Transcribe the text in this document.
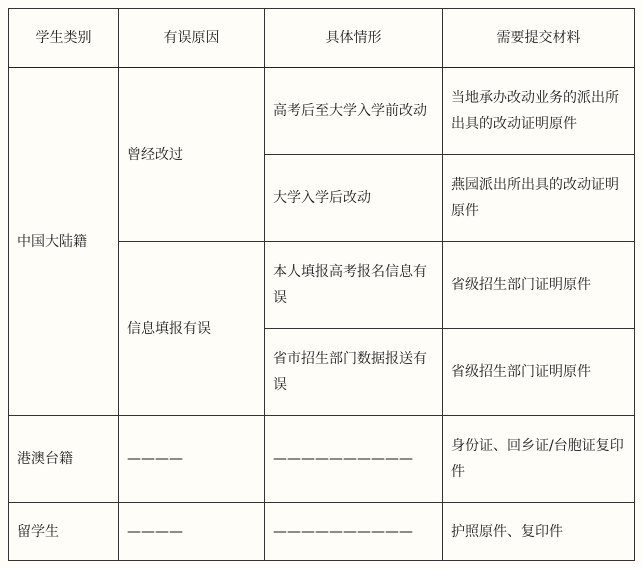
学生类别	有误原因	具体情形	需要提交材料
中国大陆籍	曾经改过	高考后至大学入学前改动	当地承办改动业务的派出所出具的改动证明原件
		大学入学后改动	燕园派出所出具的改动证明原件
	信息填报有误	本人填报高考报名信息有误	省级招生部门证明原件
		省市招生部门数据报送有误	省级招生部门证明原件
港澳台籍	————	——————————	身份证、回乡证/台胞证复印件
留学生	————	——————————	护照原件、复印件
